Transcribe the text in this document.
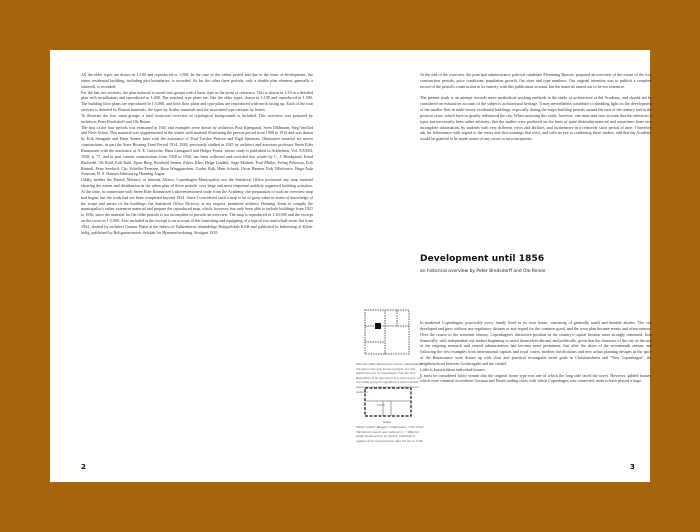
All the older types are drawn in 1:100 and reproduced in 1:500. In the case of the oldest period and due to the form of development, the entire residential building, including plot boundaries, is recorded. As for the other three periods, only a double plan element, generally a stairwell, is recorded.

For the last two sections, the plan material is sorted into groups with a basic type as the point of reference. This is drawn in 1:20 as a detailed plan with installations and reproduced in 1:200. The attached type plans are, like the older types, drawn in 1:100 and reproduced in 1:500. The building floor plans are reproduced in 1:5,000, and both floor plans and type plans are reproduced with north facing up. Each of the four sections is denoted by Roman numerals, the types by Arabic numerals and the associated type variants by letters.

To illustrate the four main groups, a brief historical overview of typological backgrounds is included. This overview was prepared by architects Peter Bredsdorff and Ole Reiner.

The first of the four periods was examined in 1945 and examples were drawn by architects Poul Kjærgaard, Sven Dihlmann, Steg Vanflod and Niels Schou. This material was supplemented in the winter with material illustrating the prewar period from 1900 to 1914 and was drawn by Erik Stengade and Einar Sonne, later with the assistance of Poul Tørslev Prütsen and Eigil Sørensen. Illustrative material for newer constructions, in part the State Housing Fund Period 1914–1928, previously studied in 1925 by architect and associate professor Steen Eiler Rasmussen with the assistance of A. E. Gøtzsche, Hans Lønsgaard and Holger Fonss, whose study is published in Arkitekten, Vol. XXXIII, 1928, p. 77, and in part current constructions from 1928 to 1936, has been collected and recorded this winter by C. J. Bondgaard, Knud Barfoedd, Olt Bohl, Erik Dahl, Ejnar Borg, Reinhold Jensen, Eskov Kløv, Helge Lindahl, Aage Madsen, Poul Møller, Erling Pehrsson, Erik Rinnuli, Peter Seedorff, Chr. Scheffer Petersen, Rosa Winggaardsen, Gudm. Rijk, Hans Schack, Oscar Hansen, Erik Villefranco, Hugo Aalø Svenson, H. S. Hansen Johnson og Henning Aagaa.

Oddly, neither the Danish Ministry of Internal Affairs, Copenhagen Municipality nor the Statistical Office possessed any map material showing the extent and distribution in the urban plan of these periods' very large and most important publicly organised building activities. At the time, in connection with Steen Eiler Rasmussen's abovementioned study from the Academy, the preparation of such an overview map had begun, but the work had not been completed beyond 1924. Since I considered such a map to be of great value in terms of knowledge of the scope and nature of the buildings, the Statistical Office Director, at my request, permitted architect Henning Tesen to compile the municipality's rather extensive material and prepare the reproduced map, which, however, has only been able to include buildings from 1921 to 1936, since the material for the older periods is too incomplete to provide an overview. The map is reproduced in 1:40,000 and the excerpt on the cover in 1:5,000. Also included in the excerpt is an account of the furnishing and equipping of a typical two-and-a-half-room flat from 1934, drafted by architect Gunnar Hahn at the behest of Københavns almindelige Boligselskab KAB and published in Indretning af Klein-bolig, published by Boligministeriets Selskab for Hjemmeforskning, Stuttgart 1935.

2
Merchant Hans Rasmussen's house, Vimmelskaftet. The plan is the only known example of a half-timbered house in Copenhagen from the time. Regardless of the fact that it is a street house, one can easily grasp the significance of the window placement, the external gallery and the internal staircase.
Gaden
Master builder Bøsager's model plans, 1729. From 'Merchant's houses and craftsmen's', 7 different model houses drawn by himself, published in support of the reconstruction after the fire in 1728.

At the end of the overview, the principal administrator, political candidate Flemming Hansen, prepared an overview of the extent of the four construction periods, price conditions, population growth, flat sizes and type numbers. Our original intention was to publish a complete record of the period's construction in its entirety with this publication in mind, but the material turned out to be too extensive.

The present study is an attempt towards more methodical working methods in the study of architecture at the Academy, and should not be considered an exhaustive account of the subject's architectural heritage. It may nevertheless contribute to shedding light on the development of the smaller flats in multi-storey residential buildings, especially during the major building periods around the turn of the century and in the postwar years, which have so greatly influenced the city. When assessing this study, however, one must take into account that the selection of types has necessarily been rather arbitrary; that the studies were produced on the basis of quite dissimilar material and sometimes from very incomplete information, by students with very different views and abilities, and furthermore in a relatively short period of time. I therefore ask for forbearance with regard to the errors and shortcomings that exist, and with an eye to continuing these studies, add that the Academy would be grateful to be made aware of any errors or misconceptions.

Development until 1856
an historical overview by Peter Bredsdorff and Ole Reiner

In medieval Copenhagen, practically every family lived in its own house, consisting of generally small and humble abodes. The city developed and grew without any regulatory dictates or any regard for the common good, and the town plan became erratic and often ruinous. Over the course of the sixteenth century, Copenhagen's distinctive position as the country's capital became more strongly cemented, both financially, with independent city traders beginning to assert themselves abroad, and politically, given that the character of the city as the seat of the reigning monarch and central administration had become more prominent. Just after the dawn of the seventeenth century and following the first examples from international capitals and royal courts, modern fortifications and new urban planning designs in the spirit of the Renaissance were drawn up with clear and practical rectangular street grids in Christianshavn and "New Copenhagen", the neighbourhood between Gothersgade and the citadel.

Little is known about individual houses.

It must be considered fairly certain that the original house type was one in which the long side faced the street. However, gabled houses, which were common in northern German and Dutch trading cities with which Copenhagen was connected, seem to have played a large

3
